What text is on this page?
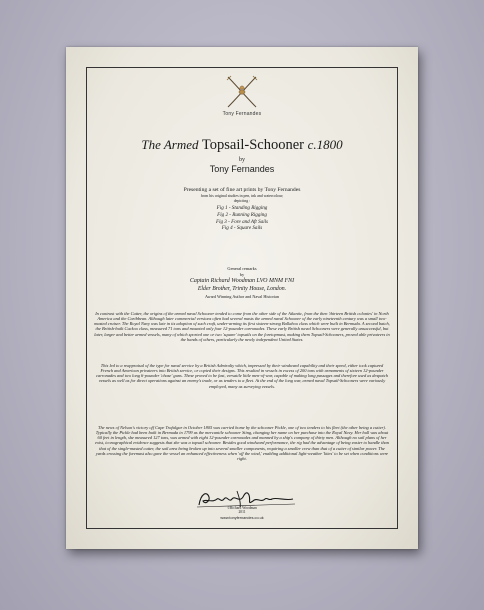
Tony Fernandes
The Armed Topsail-Schooner c.1800
by
Tony Fernandes
Presenting a set of fine art prints by Tony Fernandes
from his original studies in pen, ink and watercolour;
depicting :
Fig 1 - Standing Rigging
Fig 2 - Running Rigging
Fig 3 - Fore and Aft Sails
Fig 4 - Square Sails
General remarks
by
Captain Richard Woodman LVO MNM FNI
Elder Brother, Trinity House, London.
Award Winning Author and Naval Historian
In contrast with the Cutter, the origins of the armed naval Schooner tended to come from the other side of the Atlantic, from the then 'thirteen British colonies' in North America and the Caribbean. Although later commercial versions often had several masts the armed naval Schooner of the early nineteenth century was a small two-masted cruiser. The Royal Navy was late in its adoption of such craft, under-arming its first sixteen-strong Ballahoo class which were built in Bermuda. A second batch, the British-built Cuckoo class, measured 71 tons and mounted only four 12-pounder carronades. These early British naval Schooners were generally unsuccessful, but later, larger and better armed vessels, many of which sported one or two 'square' topsails on the foretopmast, making them Topsail-Schooners, proved able privateers in the hands of others, particularly the newly independent United States.
This led to a reappraisal of the type for naval service by a British Admiralty which, impressed by their windward capability and their speed, either took captured French and American privateers into British service, or copied their designs. This resulted in vessels in excess of 200 tons with armaments of sixteen 12-pounder carronades and two long 6-pounder 'chase' guns. These proved to be fast, versatile little men-of-war, capable of making long passages and therefore used as despatch vessels as well as for direct operations against an enemy's trade, or as tenders to a fleet. At the end of the long war, armed naval Topsail-Schooners were variously employed, many as surveying vessels.
The news of Nelson's victory off Cape Trafalgar in October 1805 was carried home by the schooner Pickle, one of two tenders to his fleet (the other being a cutter). Typically the Pickle had been built in Bermuda in 1799 as the mercantile schooner Sting, changing her name on her purchase into the Royal Navy. Her hull was about 60 feet in length, she measured 127 tons, was armed with eight 12-pounder carronades and manned by a ship's company of thirty men. Although no sail plans of her exist, iconographical evidence suggests that she was a topsail schooner. Besides good windward performance, the rig had the advantage of being easier to handle than that of the single-masted cutter, the sail area being broken up into several smaller components, requiring a smaller crew than that of a cutter of similar power. The yards crossing the foremast also gave the vessel an enhanced effectiveness when 'off the wind,' enabling additional light-weather 'kites' to be set when conditions were right.
©Richard Woodman
2011
www.tonyfernandes.co.uk
